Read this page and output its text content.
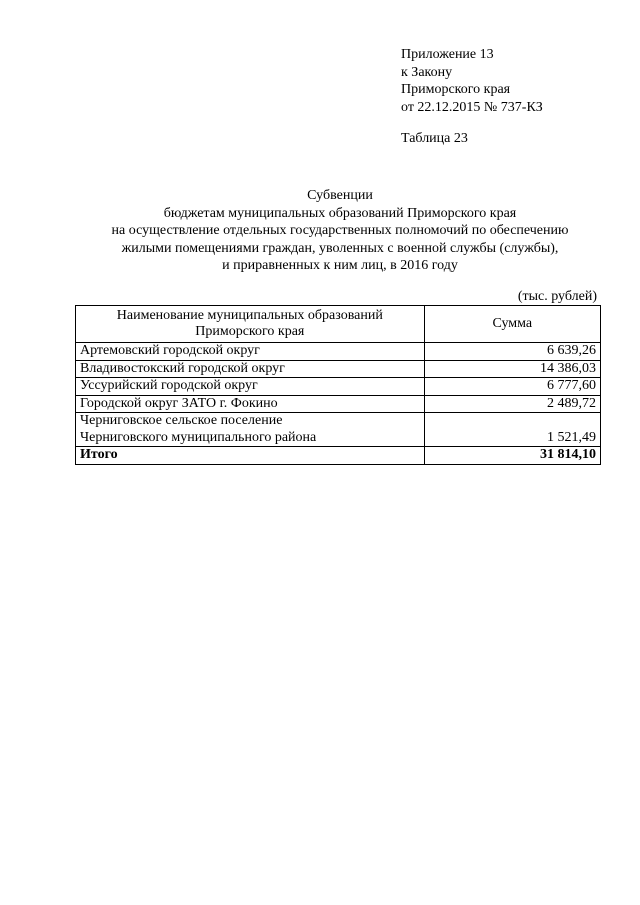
Приложение 13
к Закону
Приморского края
от 22.12.2015 № 737-КЗ
Таблица 23
Субвенции
бюджетам муниципальных образований Приморского края
на осуществление отдельных государственных полномочий по обеспечению
жилыми помещениями граждан, уволенных с военной службы (службы),
и приравненных к ним лиц, в 2016 году
(тыс. рублей)
Наименование муниципальных образований
Приморского края	Сумма
Артемовский городской округ	6 639,26
Владивостокский городской округ	14 386,03
Уссурийский городской округ	6 777,60
Городской округ ЗАТО г. Фокино	2 489,72

Черниговское сельское поселение
Черниговского муниципального района	1 521,49
Итого	31 814,10
